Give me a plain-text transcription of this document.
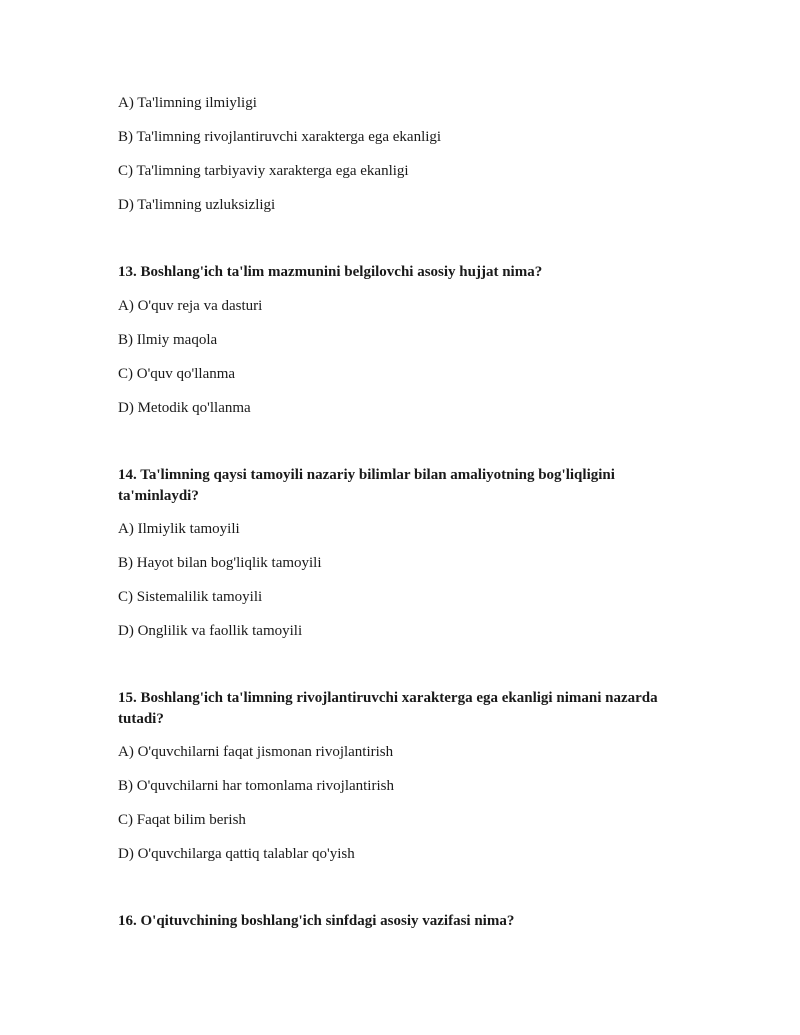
A) Ta'limning ilmiyligi
B) Ta'limning rivojlantiruvchi xarakterga ega ekanligi
C) Ta'limning tarbiyaviy xarakterga ega ekanligi
D) Ta'limning uzluksizligi
13. Boshlang'ich ta'lim mazmunini belgilovchi asosiy hujjat nima?
A) O'quv reja va dasturi
B) Ilmiy maqola
C) O'quv qo'llanma
D) Metodik qo'llanma
14. Ta'limning qaysi tamoyili nazariy bilimlar bilan amaliyotning bog'liqligini
ta'minlaydi?
A) Ilmiylik tamoyili
B) Hayot bilan bog'liqlik tamoyili
C) Sistemalilik tamoyili
D) Onglilik va faollik tamoyili
15. Boshlang'ich ta'limning rivojlantiruvchi xarakterga ega ekanligi nimani nazarda
tutadi?
A) O'quvchilarni faqat jismonan rivojlantirish
B) O'quvchilarni har tomonlama rivojlantirish
C) Faqat bilim berish
D) O'quvchilarga qattiq talablar qo'yish
16. O'qituvchining boshlang'ich sinfdagi asosiy vazifasi nima?
